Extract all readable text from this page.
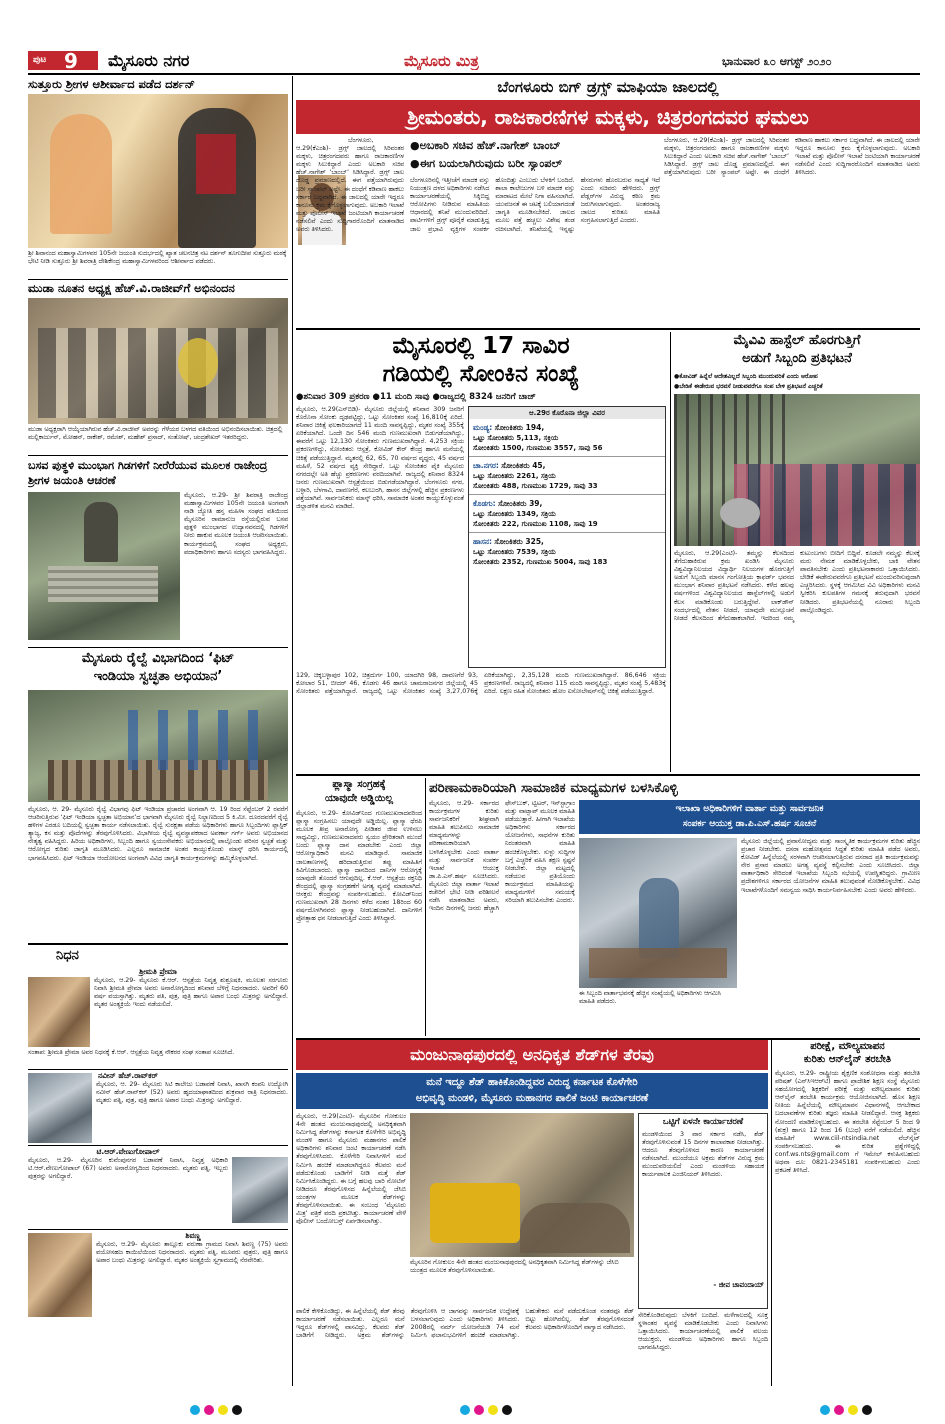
ಪುಟ 9 ಮೈಸೂರು ನಗರ	ಮೈಸೂರು ಮಿತ್ರ	ಭಾನುವಾರ ೩೦ ಆಗಸ್ಟ್ ೨೦೨೦
ಸುತ್ತೂರು ಶ್ರೀಗಳ ಆಶೀರ್ವಾದ ಪಡೆದ ದರ್ಶನ್
ಶ್ರೀ ಶಿವಾನಂದ ಮಹಾಸ್ವಾಮಿಗಳವರ 105ನೇ ಜಯಂತಿ ಸುದರ್ಭದಲ್ಲಿ ಖ್ಯಾತ ಚಲನಚಿತ್ರ ನಟ ದರ್ಶನ್ ತೂಗುದೀಪ ಸುತ್ತೂರು ಮಠಕ್ಕೆ ಭೇಟಿ ನೀಡಿ ಸುತ್ತೂರು ಶ್ರೀ ಶಿವರಾತ್ರಿ ದೇಶಿಕೇಂದ್ರ ಮಹಾಸ್ವಾಮಿಗಳವರಿಂದ ಆಶೀರ್ವಾದ ಪಡೆದರು.
ಮುಡಾ ನೂತನ ಅಧ್ಯಕ್ಷ ಹೆಚ್.ವಿ.ರಾಜೀವ್‌ಗೆ ಅಭಿನಂದನ
ಮುಡಾ ಅಧ್ಯಕ್ಷರಾಗಿ ಆಯ್ಕೆಯಾಗಿರುವ ಹೆಚ್.ವಿ.ರಾಜೀವ್ ಅವರನ್ನು ಗೆಳೆಯರ ಬಳಗದ ವತಿಯಿಂದ ಅಭಿನಂದಿಸಲಾಯಿತು. ಚಿತ್ರದಲ್ಲಿ ಮಲ್ಲಿಕಾರ್ಜುನ್, ಮೋಹನ್, ರಾಕೇಶ್, ರಮೇಶ್, ಮಹೇಶ್ ಪ್ರಸಾದ್, ಸಂತೋಷ್, ಚಂದ್ರಶೇಖರ್ ಇತರರಿದ್ದರು.
ಬಸವ ಪುತ್ಥಳಿ ಮುಂಭಾಗ ಗಿಡಗಳಿಗೆ ನೀರೆರೆಯುವ ಮೂಲಕ ರಾಜೇಂದ್ರ ಶ್ರೀಗಳ ಜಯಂತಿ ಆಚರಣೆ
ಮೈಸೂರು, ಆ.29- ಶ್ರೀ ಶಿವರಾತ್ರಿ ರಾಜೇಂದ್ರ ಮಹಾಸ್ವಾಮಿಗಳವರ 105ನೇ ಜಯಂತಿ ಅಂಗವಾಗಿ ನಾಡಿ ಜ್ಯೋತಿ ಹಸ್ತ ಮಹಿಳಾ ಸಂಘದ ವತಿಯಿಂದ ಮೈಸೂರಿನ ರಾಮಾನುಜ ರಸ್ತೆಯಲ್ಲಿರುವ ಬಸವ ಪುತ್ಥಳಿ ಮುಂಭಾಗದ ಉದ್ಯಾನವನದಲ್ಲಿ ಗಿಡಗಳಿಗೆ ನೀರು ಹಾಕುವ ಮೂಲಕ ಜಯಂತಿ ಆಚರಿಸಲಾಯಿತು. ಕಾರ್ಯಕ್ರಮದಲ್ಲಿ ಸಂಘದ ಅಧ್ಯಕ್ಷರು, ಪದಾಧಿಕಾರಿಗಳು ಹಾಗೂ ಸದಸ್ಯರು ಭಾಗವಹಿಸಿದ್ದರು.
ಮೈಸೂರು ರೈಲ್ವೆ ವಿಭಾಗದಿಂದ ‘ಫಿಟ್
ಇಂಡಿಯಾ ಸ್ವಚ್ಛತಾ ಅಭಿಯಾನ’
ಮೈಸೂರು, ಆ. 29- ಮೈಸೂರು ರೈಲ್ವೆ ವಿಭಾಗವು ಫಿಟ್ ಇಂಡಿಯಾ ಪ್ರಚಾರದ ಅಂಗವಾಗಿ ಆ. 19 ರಿಂದ ಸೆಪ್ಟೆಂಬರ್ 2 ರವರೆಗೆ ಆಚರಿಸುತ್ತಿರುವ ‘ಫಿಟ್ ಇಂಡಿಯಾ ಸ್ವಚ್ಛತಾ ಅಭಿಯಾನ’ದ ಭಾಗವಾಗಿ ಮೈಸೂರು ರೈಲ್ವೆ ನಿಲ್ದಾಣದಿಂದ 5 ಕಿ.ಮೀ. ದೂರದವರೆಗೆ ರೈಲ್ವೆ ಹಳಿಗಳ ಎರಡೂ ಬದಿಯಲ್ಲಿ ಸ್ವಚ್ಛತಾ ಕಾರ್ಯ ನಡೆಸಲಾಯಿತು. ರೈಲ್ವೆ ಸುರಕ್ಷತಾ ಪಡೆಯ ಅಧಿಕಾರಿಗಳು ಹಾಗೂ ಸಿಬ್ಬಂದಿಗಳು ಪ್ಲಾಸ್ಟಿಕ್ ತ್ಯಾಜ್ಯ, ಕಸ ಮತ್ತು ಪೊದೆಗಳನ್ನು ತೆರವುಗೊಳಿಸಿದರು. ವಿಭಾಗೀಯ ರೈಲ್ವೆ ವ್ಯವಸ್ಥಾಪಕರಾದ ಅಪರ್ಣಾ ಗರ್ಗ್ ಅವರು ಅಭಿಯಾನದ ನೇತೃತ್ವ ವಹಿಸಿದ್ದರು. ಹಿರಿಯ ಅಧಿಕಾರಿಗಳು, ಸಿಬ್ಬಂದಿ ಹಾಗೂ ಸ್ವಯಂಸೇವಕರು ಅಭಿಯಾನದಲ್ಲಿ ಪಾಲ್ಗೊಂಡು ಪರಿಸರ ಸ್ವಚ್ಛತೆ ಮತ್ತು ಆರೋಗ್ಯದ ಕುರಿತು ಜಾಗೃತಿ ಮೂಡಿಸಿದರು. ಎಲ್ಲರೂ ಸಾಮಾಜಿಕ ಅಂತರ ಕಾಯ್ದುಕೊಂಡು ಮಾಸ್ಕ್ ಧರಿಸಿ ಕಾರ್ಯದಲ್ಲಿ ಭಾಗವಹಿಸಿದರು. ಫಿಟ್ ಇಂಡಿಯಾ ಆಂದೋಲನದ ಅಂಗವಾಗಿ ವಿವಿಧ ಜಾಗೃತಿ ಕಾರ್ಯಕ್ರಮಗಳನ್ನು ಹಮ್ಮಿಕೊಳ್ಳಲಾಗಿದೆ.
ನಿಧನ
ಶ್ರೀಮತಿ ಪ್ರೇಮಾ
ಮೈಸೂರು, ಆ.29- ಮೈಸೂರು ಕೆ.ಆರ್. ಆಸ್ಪತ್ರೆಯ ನಿವೃತ್ತ ಶುಶ್ರೂಷಕಿ, ಮೂಲತಃ ಸರಗೂರು ನಿವಾಸಿ ಶ್ರೀಮತಿ ಪ್ರೇಮಾ ಅವರು ಅನಾರೋಗ್ಯದಿಂದ ಶನಿವಾರ ಬೆಳಿಗ್ಗೆ ನಿಧನರಾದರು. ಅವರಿಗೆ 60 ವರ್ಷ ವಯಸ್ಸಾಗಿತ್ತು. ಮೃತರು ಪತಿ, ಪುತ್ರ, ಪುತ್ರಿ ಹಾಗೂ ಅಪಾರ ಬಂಧು ಮಿತ್ರರನ್ನು ಅಗಲಿದ್ದಾರೆ. ಮೃತರ ಅಂತ್ಯಕ್ರಿಯೆ ಇಂದು ನಡೆಯಲಿದೆ.
ಸಂತಾಪ: ಶ್ರೀಮತಿ ಪ್ರೇಮಾ ಅವರ ನಿಧನಕ್ಕೆ ಕೆ.ಆರ್. ಆಸ್ಪತ್ರೆಯ ನಿವೃತ್ತ ನೌಕರರ ಸಂಘ ಸಂತಾಪ ಸೂಚಿಸಿದೆ.
ನವೀನ್ ಹೆಚ್.ರಾವ್‌ಕರ್
ಮೈಸೂರು, ಆ. 29- ಮೈಸೂರು ಸಿಟಿ ಕಾಲೇಜು ಬಡಾವಣೆ ನಿವಾಸಿ, ಖಾಸಗಿ ಕಂಪನಿ ಉದ್ಯೋಗಿ ನವೀನ್ ಹೆಚ್.ರಾವ್‌ಕರ್ (52) ಅವರು ಹೃದಯಾಘಾತದಿಂದ ಶುಕ್ರವಾರ ರಾತ್ರಿ ನಿಧನರಾದರು. ಮೃತರು ಪತ್ನಿ, ಪುತ್ರ, ಪುತ್ರಿ ಹಾಗೂ ಅಪಾರ ಬಂಧು ಮಿತ್ರರನ್ನು ಅಗಲಿದ್ದಾರೆ.
ಟಿ.ಆರ್.ವೇಣುಗೋಪಾಲ್
ಮೈಸೂರು, ಆ.29- ಮೈಸೂರಿನ ಕುವೆಂಪುನಗರ ಬಡಾವಣೆ ನಿವಾಸಿ, ನಿವೃತ್ತ ಅಧಿಕಾರಿ ಟಿ.ಆರ್.ವೇಣುಗೋಪಾಲ್ (67) ಅವರು ಅನಾರೋಗ್ಯದಿಂದ ನಿಧನರಾದರು. ಮೃತರು ಪತ್ನಿ, ಇಬ್ಬರು ಪುತ್ರರನ್ನು ಅಗಲಿದ್ದಾರೆ.
ಶಿವಣ್ಣ
ಮೈಸೂರು, ಆ.29- ಮೈಸೂರು ತಾಲ್ಲೂಕು ವರುಣಾ ಗ್ರಾಮದ ನಿವಾಸಿ ಶಿವಣ್ಣ (75) ಅವರು ವಯೋಸಹಜ ಕಾಯಿಲೆಯಿಂದ ನಿಧನರಾದರು. ಮೃತರು ಪತ್ನಿ, ಮೂವರು ಪುತ್ರರು, ಪುತ್ರಿ ಹಾಗೂ ಅಪಾರ ಬಂಧು ಮಿತ್ರರನ್ನು ಅಗಲಿದ್ದಾರೆ. ಮೃತರ ಅಂತ್ಯಕ್ರಿಯೆ ಸ್ವಗ್ರಾಮದಲ್ಲಿ ನೆರವೇರಿತು.
ಬೆಂಗಳೂರು ಬಿಗ್ ಡ್ರಗ್ಸ್ ಮಾಫಿಯಾ ಜಾಲದಲ್ಲಿ
ಶ್ರೀಮಂತರು, ರಾಜಕಾರಣಿಗಳ ಮಕ್ಕಳು, ಚಿತ್ರರಂಗದವರ ಘಮಲು
ಬೆಂಗಳೂರು, ಆ.29(ಕೆಎಂಶಿ)- ಡ್ರಗ್ಸ್ ಜಾಲದಲ್ಲಿ ಸಿರಿವಂತರ ಮಕ್ಕಳು, ಚಿತ್ರರಂಗದವರು ಹಾಗೂ ರಾಜಕಾರಣಿಗಳ ಮಕ್ಕಳು ಸಿಲುಕಿದ್ದಾರೆ ಎಂದು ಅಬಕಾರಿ ಸಚಿವ ಹೆಚ್.ನಾಗೇಶ್ ‘ಬಾಂಬ್’ ಸಿಡಿಸಿದ್ದಾರೆ. ಡ್ರಗ್ಸ್ ಜಾಲ ದೊಡ್ಡ ಪ್ರಮಾಣದಲ್ಲಿದೆ. ಈಗ ಪತ್ತೆಯಾಗಿರುವುದು ಬರೀ ಸ್ಯಾಂಪಲ್ ಅಷ್ಟೇ. ಈ ದಂಧೆಗೆ ಕಡಿವಾಣ ಹಾಕಲು ಸರ್ಕಾರ ಬದ್ಧವಾಗಿದೆ. ಈ ಜಾಲದಲ್ಲಿ ಯಾರೇ ಇದ್ದರೂ ಕಾನೂನು ಕ್ರಮ ಕೈಗೊಳ್ಳಲಾಗುವುದು. ಅಬಕಾರಿ ಇಲಾಖೆ ಮತ್ತು ಪೊಲೀಸ್ ಇಲಾಖೆ ಜಂಟಿಯಾಗಿ ಕಾರ್ಯಾಚರಣೆ ನಡೆಸಲಿವೆ ಎಂದು ಸುದ್ದಿಗಾರರೊಂದಿಗೆ ಮಾತನಾಡಿದ ಅವರು ತಿಳಿಸಿದರು.
●ಅಬಕಾರಿ ಸಚಿವ ಹೆಚ್.ನಾಗೇಶ್ ಬಾಂಬ್
●ಈಗ ಬಯಲಾಗಿರುವುದು ಬರೀ ಸ್ಯಾಂಪಲ್
ಬೆಂಗಳೂರಿನಲ್ಲಿ ಇತ್ತೀಚೆಗೆ ಮಾದಕ ವಸ್ತು ನಿಯಂತ್ರಣ ದಳದ ಅಧಿಕಾರಿಗಳು ನಡೆಸಿದ ಕಾರ್ಯಾಚರಣೆಯಲ್ಲಿ ಸಿಕ್ಕಿಬಿದ್ದ ಆರೋಪಿಗಳು ನೀಡಿರುವ ಮಾಹಿತಿಯ ಆಧಾರದಲ್ಲಿ ತನಿಖೆ ಮುಂದುವರಿದಿದೆ. ಪಾರ್ಟಿಗಳಿಗೆ ಡ್ರಗ್ಸ್ ಪೂರೈಕೆ ಮಾಡುತ್ತಿದ್ದ ಜಾಲ ಪ್ರಭಾವಿ ವ್ಯಕ್ತಿಗಳ ಸಂಪರ್ಕ ಹೊಂದಿತ್ತು ಎಂಬುದು ಬೆಳಕಿಗೆ ಬಂದಿದೆ. ಶಾಲಾ ಕಾಲೇಜುಗಳ ಬಳಿ ಮಾದಕ ವಸ್ತು ಮಾರಾಟದ ಮೇಲೆ ನಿಗಾ ವಹಿಸಲಾಗಿದೆ. ಯುವಜನತೆ ಈ ಚಟಕ್ಕೆ ಬಲಿಯಾಗದಂತೆ ಜಾಗೃತಿ ಮೂಡಿಸಬೇಕಿದೆ. ಜಾಲದ ಮೂಲ ಪತ್ತೆ ಹಚ್ಚಲು ವಿಶೇಷ ತಂಡ ರಚಿಸಲಾಗಿದೆ. ತನಿಖೆಯಲ್ಲಿ ಇನ್ನಷ್ಟು ಹೆಸರುಗಳು ಹೊರಬರುವ ಸಾಧ್ಯತೆ ಇದೆ ಎಂದು ಸಚಿವರು ಹೇಳಿದರು. ಡ್ರಗ್ಸ್ ಪೆಡ್ಲರ್‌ಗಳ ವಿರುದ್ಧ ಕಠಿಣ ಕ್ರಮ ಜರುಗಿಸಲಾಗುವುದು. ಅಂತರರಾಜ್ಯ ಜಾಲದ ಕುರಿತೂ ಮಾಹಿತಿ ಸಂಗ್ರಹಿಸಲಾಗುತ್ತಿದೆ ಎಂದರು.
ಬೆಂಗಳೂರು, ಆ.29(ಕೆಎಂಶಿ)- ಡ್ರಗ್ಸ್ ಜಾಲದಲ್ಲಿ ಸಿರಿವಂತರ ಮಕ್ಕಳು, ಚಿತ್ರರಂಗದವರು ಹಾಗೂ ರಾಜಕಾರಣಿಗಳ ಮಕ್ಕಳು ಸಿಲುಕಿದ್ದಾರೆ ಎಂದು ಅಬಕಾರಿ ಸಚಿವ ಹೆಚ್.ನಾಗೇಶ್ ‘ಬಾಂಬ್’ ಸಿಡಿಸಿದ್ದಾರೆ. ಡ್ರಗ್ಸ್ ಜಾಲ ದೊಡ್ಡ ಪ್ರಮಾಣದಲ್ಲಿದೆ. ಈಗ ಪತ್ತೆಯಾಗಿರುವುದು ಬರೀ ಸ್ಯಾಂಪಲ್ ಅಷ್ಟೇ. ಈ ದಂಧೆಗೆ ಕಡಿವಾಣ ಹಾಕಲು ಸರ್ಕಾರ ಬದ್ಧವಾಗಿದೆ. ಈ ಜಾಲದಲ್ಲಿ ಯಾರೇ ಇದ್ದರೂ ಕಾನೂನು ಕ್ರಮ ಕೈಗೊಳ್ಳಲಾಗುವುದು. ಅಬಕಾರಿ ಇಲಾಖೆ ಮತ್ತು ಪೊಲೀಸ್ ಇಲಾಖೆ ಜಂಟಿಯಾಗಿ ಕಾರ್ಯಾಚರಣೆ ನಡೆಸಲಿವೆ ಎಂದು ಸುದ್ದಿಗಾರರೊಂದಿಗೆ ಮಾತನಾಡಿದ ಅವರು ತಿಳಿಸಿದರು.
ಮೈಸೂರಲ್ಲಿ 17 ಸಾವಿರ
ಗಡಿಯಲ್ಲಿ ಸೋಂಕಿನ ಸಂಖ್ಯೆ
●ಶನಿವಾರ 309 ಪ್ರಕರಣ ●11 ಮಂದಿ ಸಾವು ●ರಾಜ್ಯದಲ್ಲಿ 8324 ಜನರಿಗೆ ಚಾಜ್
ಮೈಸೂರು, ಆ.29(ಎಸ್‌ಬಿಡಿ)- ಮೈಸೂರು ಜಿಲ್ಲೆಯಲ್ಲಿ ಶನಿವಾರ 309 ಜನರಿಗೆ ಕೊರೊನಾ ಸೋಂಕು ದೃಢಪಟ್ಟಿದ್ದು, ಒಟ್ಟು ಸೋಂಕಿತರ ಸಂಖ್ಯೆ 16,810ಕ್ಕೆ ಏರಿದೆ. ಶನಿವಾರ ಚಿಕಿತ್ಸೆ ಫಲಕಾರಿಯಾಗದೆ 11 ಮಂದಿ ಸಾವನ್ನಪ್ಪಿದ್ದು, ಮೃತರ ಸಂಖ್ಯೆ 355ಕ್ಕೆ ಏರಿಕೆಯಾಗಿದೆ. ಒಂದೇ ದಿನ 546 ಮಂದಿ ಗುಣಮುಖರಾಗಿ ಬಿಡುಗಡೆಯಾಗಿದ್ದು, ಈವರೆಗೆ ಒಟ್ಟು 12,130 ಸೋಂಕಿತರು ಗುಣಮುಖರಾಗಿದ್ದಾರೆ. 4,253 ಸಕ್ರಿಯ ಪ್ರಕರಣಗಳಿದ್ದು, ಸೋಂಕಿತರು ಆಸ್ಪತ್ರೆ, ಕೋವಿಡ್ ಕೇರ್ ಕೇಂದ್ರ ಹಾಗೂ ಮನೆಯಲ್ಲಿ ಚಿಕಿತ್ಸೆ ಪಡೆಯುತ್ತಿದ್ದಾರೆ. ಮೃತರಲ್ಲಿ 62, 65, 70 ವರ್ಷದ ವೃದ್ಧರು, 45 ವರ್ಷದ ಮಹಿಳೆ, 52 ವರ್ಷದ ವ್ಯಕ್ತಿ ಸೇರಿದ್ದಾರೆ. ಒಟ್ಟು ಸೋಂಕಿತರ ಪೈಕಿ ಮೈಸೂರು ನಗರದಲ್ಲೇ ಅತಿ ಹೆಚ್ಚು ಪ್ರಕರಣಗಳು ವರದಿಯಾಗಿವೆ. ರಾಜ್ಯದಲ್ಲಿ ಶನಿವಾರ 8324 ಜನರು ಗುಣಮುಖರಾಗಿ ಆಸ್ಪತ್ರೆಯಿಂದ ಬಿಡುಗಡೆಯಾಗಿದ್ದಾರೆ. ಬೆಂಗಳೂರು ನಗರ, ಬಳ್ಳಾರಿ, ಬೆಳಗಾವಿ, ದಾವಣಗೆರೆ, ಕಲಬುರಗಿ, ಹಾಸನ ಜಿಲ್ಲೆಗಳಲ್ಲಿ ಹೆಚ್ಚಿನ ಪ್ರಕರಣಗಳು ಪತ್ತೆಯಾಗಿವೆ. ಸಾರ್ವಜನಿಕರು ಮಾಸ್ಕ್ ಧರಿಸಿ, ಸಾಮಾಜಿಕ ಅಂತರ ಕಾಯ್ದುಕೊಳ್ಳುವಂತೆ ಜಿಲ್ಲಾಡಳಿತ ಮನವಿ ಮಾಡಿದೆ.
ಆ.29ರ ಕೊರೊನಾ ಜಿಲ್ಲಾ ವಿವರ
ಮಂಡ್ಯ: ಸೋಂಕಿತರು 194,
ಒಟ್ಟು ಸೋಂಕಿತರು 5,113, ಸಕ್ರಿಯ
ಸೋಂಕಿತರು 1500, ಗುಣಮುಖ 3557, ಸಾವು 56
ಚಾ.ನಗರ: ಸೋಂಕಿತರು 45,
ಒಟ್ಟು ಸೋಂಕಿತರು 2261, ಸಕ್ರಿಯ
ಸೋಂಕಿತರು 488, ಗುಣಮುಖ 1729, ಸಾವು 33
ಕೊಡಗು: ಸೋಂಕಿತರು 39,
ಒಟ್ಟು ಸೋಂಕಿತರು 1349, ಸಕ್ರಿಯ
ಸೋಂಕಿತರು 222, ಗುಣಮುಖ 1108, ಸಾವು 19
ಹಾಸನ: ಸೋಂಕಿತರು 325,
ಒಟ್ಟು ಸೋಂಕಿತರು 7539, ಸಕ್ರಿಯ
ಸೋಂಕಿತರು 2352, ಗುಣಮುಖ 5004, ಸಾವು 183
129, ಚಿಕ್ಕಬಳ್ಳಾಪುರ 102, ಚಿತ್ರದುರ್ಗ 100, ಯಾದಗಿರಿ 98, ದಾವಣಗೆರೆ 93, ಕೋಲಾರ 51, ಬೀದರ್ 46, ಕೊಡಗು 46 ಹಾಗೂ ಚಾಮರಾಜನಗರ ಜಿಲ್ಲೆಯಲ್ಲಿ 45 ಸೋಂಕಿತರು ಪತ್ತೆಯಾಗಿದ್ದಾರೆ. ರಾಜ್ಯದಲ್ಲಿ ಒಟ್ಟು ಸೋಂಕಿತರ ಸಂಖ್ಯೆ 3,27,076ಕ್ಕೆ ಏರಿಕೆಯಾಗಿದ್ದು, 2,35,128 ಮಂದಿ ಗುಣಮುಖರಾಗಿದ್ದಾರೆ. 86,646 ಸಕ್ರಿಯ ಪ್ರಕರಣಗಳಿವೆ. ರಾಜ್ಯದಲ್ಲಿ ಶನಿವಾರ 115 ಮಂದಿ ಸಾವನ್ನಪ್ಪಿದ್ದು, ಮೃತರ ಸಂಖ್ಯೆ 5,483ಕ್ಕೆ ಏರಿದೆ. ಲಕ್ಷಣ ರಹಿತ ಸೋಂಕಿತರು ಹೋಂ ಐಸೋಲೇಷನ್‌ನಲ್ಲಿ ಚಿಕಿತ್ಸೆ ಪಡೆಯುತ್ತಿದ್ದಾರೆ.
ಮೈವಿವಿ ಹಾಸ್ಟೆಲ್ ಹೊರಗುತ್ತಿಗೆ
ಅಡುಗೆ ಸಿಬ್ಬಂದಿ ಪ್ರತಿಭಟನೆ
●ಕೋವಿಡ್ ಹಿನ್ನೆಲೆ ಆದೇಶವಿಲ್ಲದೆ ಸಿಬ್ಬಂದಿ ಮುಂದುವರಿಕೆ ಎಂದು ಆರೋಪ
●ಬೇಡಿಕೆ ಈಡೇರುವ ಭರವಸೆ ನೀಡುವವರೆಗೂ ಸಂಪ ಬೇಳಿ ಪ್ರತಿಭಟನೆ ಎಚ್ಚರಿಕೆ
ಮೈಸೂರು, ಆ.29(ಎಂಟಿ)- ತಮ್ಮನ್ನು ಕೆಲಸದಿಂದ ತೆಗೆದುಹಾಕಿರುವ ಕ್ರಮ ಖಂಡಿಸಿ ಮೈಸೂರು ವಿಶ್ವವಿದ್ಯಾನಿಲಯದ ವಿದ್ಯಾರ್ಥಿ ನಿಲಯಗಳ ಹೊರಗುತ್ತಿಗೆ ಅಡುಗೆ ಸಿಬ್ಬಂದಿ ಮಾನಸ ಗಂಗೋತ್ರಿಯ ಕ್ರಾಫರ್ಡ್ ಭವನದ ಮುಂಭಾಗ ಶನಿವಾರ ಪ್ರತಿಭಟನೆ ನಡೆಸಿದರು. ಕಳೆದ ಹಲವು ವರ್ಷಗಳಿಂದ ವಿಶ್ವವಿದ್ಯಾನಿಲಯದ ಹಾಸ್ಟೆಲ್‌ಗಳಲ್ಲಿ ಅಡುಗೆ ಕೆಲಸ ಮಾಡಿಕೊಂಡು ಬರುತ್ತಿದ್ದೇವೆ. ಲಾಕ್‌ಡೌನ್ ಸಂದರ್ಭದಲ್ಲಿ ವೇತನ ನೀಡದೆ, ಯಾವುದೇ ಮುನ್ಸೂಚನೆ ನೀಡದೆ ಕೆಲಸದಿಂದ ತೆಗೆದುಹಾಕಲಾಗಿದೆ. ಇದರಿಂದ ನಮ್ಮ ಕುಟುಂಬಗಳು ಬೀದಿಗೆ ಬಿದ್ದಿವೆ. ಕೂಡಲೇ ನಮ್ಮನ್ನು ಕೆಲಸಕ್ಕೆ ಮರು ನೇಮಕ ಮಾಡಿಕೊಳ್ಳಬೇಕು, ಬಾಕಿ ವೇತನ ಪಾವತಿಸಬೇಕು ಎಂದು ಪ್ರತಿಭಟನಾಕಾರರು ಒತ್ತಾಯಿಸಿದರು. ಬೇಡಿಕೆ ಈಡೇರುವವರೆಗೂ ಪ್ರತಿಭಟನೆ ಮುಂದುವರಿಸುವುದಾಗಿ ಎಚ್ಚರಿಸಿದರು. ಸ್ಥಳಕ್ಕೆ ಆಗಮಿಸಿದ ವಿವಿ ಅಧಿಕಾರಿಗಳು ಮನವಿ ಸ್ವೀಕರಿಸಿ ಕುಲಪತಿಗಳ ಗಮನಕ್ಕೆ ತರುವುದಾಗಿ ಭರವಸೆ ನೀಡಿದರು. ಪ್ರತಿಭಟನೆಯಲ್ಲಿ ನೂರಾರು ಸಿಬ್ಬಂದಿ ಪಾಲ್ಗೊಂಡಿದ್ದರು.
ಪ್ಲಾಸ್ಮಾ ಸಂಗ್ರಹಕ್ಕೆ
ಯಾವುದೇ ಅಡ್ಡಿಯಿಲ್ಲ
ಮೈಸೂರು, ಆ.29- ಕೋವಿಡ್‌ನಿಂದ ಗುಣಮುಖರಾದವರಿಂದ ಪ್ಲಾಸ್ಮಾ ಸಂಗ್ರಹಿಸಲು ಯಾವುದೇ ಅಡ್ಡಿಯಿಲ್ಲ. ಪ್ಲಾಸ್ಮಾ ಥೆರಪಿ ಮೂಲಕ ತೀವ್ರ ಅನಾರೋಗ್ಯ ಪೀಡಿತರ ಜೀವ ಉಳಿಸಲು ಸಾಧ್ಯವಿದ್ದು, ಗುಣಮುಖರಾದವರು ಸ್ವಯಂ ಪ್ರೇರಿತರಾಗಿ ಮುಂದೆ ಬಂದು ಪ್ಲಾಸ್ಮಾ ದಾನ ಮಾಡಬೇಕು ಎಂದು ಜಿಲ್ಲಾ ಆರೋಗ್ಯಾಧಿಕಾರಿ ಮನವಿ ಮಾಡಿದ್ದಾರೆ. ಸಾಮಾಜಿಕ ಜಾಲತಾಣಗಳಲ್ಲಿ ಹರಿದಾಡುತ್ತಿರುವ ತಪ್ಪು ಮಾಹಿತಿಗೆ ಕಿವಿಗೊಡಬಾರದು. ಪ್ಲಾಸ್ಮಾ ದಾನದಿಂದ ದಾನಿಗಳ ಆರೋಗ್ಯಕ್ಕೆ ಯಾವುದೇ ತೊಂದರೆ ಆಗುವುದಿಲ್ಲ. ಕೆ.ಆರ್. ಆಸ್ಪತ್ರೆಯ ರಕ್ತನಿಧಿ ಕೇಂದ್ರದಲ್ಲಿ ಪ್ಲಾಸ್ಮಾ ಸಂಗ್ರಹಣೆಗೆ ಅಗತ್ಯ ವ್ಯವಸ್ಥೆ ಮಾಡಲಾಗಿದೆ. ಆಸಕ್ತರು ಕೇಂದ್ರವನ್ನು ಸಂಪರ್ಕಿಸಬಹುದು. ಕೋವಿಡ್‌ನಿಂದ ಗುಣಮುಖರಾಗಿ 28 ದಿನಗಳು ಕಳೆದ ನಂತರ 18ರಿಂದ 60 ವರ್ಷದೊಳಗಿನವರು ಪ್ಲಾಸ್ಮಾ ನೀಡಬಹುದಾಗಿದೆ. ದಾನಿಗಳಿಗೆ ಪ್ರೋತ್ಸಾಹ ಧನ ನೀಡಲಾಗುತ್ತಿದೆ ಎಂದು ತಿಳಿಸಿದ್ದಾರೆ.
ಪರಿಣಾಮಕಾರಿಯಾಗಿ ಸಾಮಾಜಿಕ ಮಾಧ್ಯಮಗಳ ಬಳಸಿಕೊಳ್ಳಿ
ಮೈಸೂರು, ಆ.29- ಸರ್ಕಾರದ ಕಾರ್ಯಕ್ರಮಗಳ ಕುರಿತು ಸಾರ್ವಜನಿಕರಿಗೆ ಶೀಘ್ರವಾಗಿ ಮಾಹಿತಿ ತಲುಪಿಸಲು ಸಾಮಾಜಿಕ ಮಾಧ್ಯಮಗಳನ್ನು ಪರಿಣಾಮಕಾರಿಯಾಗಿ ಬಳಸಿಕೊಳ್ಳಬೇಕು ಎಂದು ವಾರ್ತಾ ಮತ್ತು ಸಾರ್ವಜನಿಕ ಸಂಪರ್ಕ ಇಲಾಖೆ ಆಯುಕ್ತ ಡಾ.ಪಿ.ಎಸ್.ಹರ್ಷ ಸೂಚಿಸಿದರು. ಮೈಸೂರು ಜಿಲ್ಲಾ ವಾರ್ತಾ ಇಲಾಖೆ ಕಚೇರಿಗೆ ಭೇಟಿ ನೀಡಿ ಪರಿಶೀಲನೆ ನಡೆಸಿ ಮಾತನಾಡಿದ ಅವರು, ಇಂದಿನ ದಿನಗಳಲ್ಲಿ ಜನರು ಹೆಚ್ಚಾಗಿ ಫೇಸ್‌ಬುಕ್, ಟ್ವಿಟರ್, ಇನ್‌ಸ್ಟಾಗ್ರಾಂ ಮತ್ತು ವಾಟ್ಸಾಪ್ ಮೂಲಕ ಮಾಹಿತಿ ಪಡೆಯುತ್ತಾರೆ. ಹೀಗಾಗಿ ಇಲಾಖೆಯ ಅಧಿಕಾರಿಗಳು ಸರ್ಕಾರದ ಯೋಜನೆಗಳು, ಸಾಧನೆಗಳ ಕುರಿತು ನಿರಂತರವಾಗಿ ಮಾಹಿತಿ ಹಂಚಿಕೊಳ್ಳಬೇಕು. ಸುಳ್ಳು ಸುದ್ದಿಗಳ ಬಗ್ಗೆ ಎಚ್ಚರಿಕೆ ವಹಿಸಿ ತಕ್ಷಣ ಸ್ಪಷ್ಟನೆ ನೀಡಬೇಕು. ಜಿಲ್ಲಾ ಮಟ್ಟದಲ್ಲಿ ನಡೆಯುವ ಪ್ರತಿಯೊಂದು ಕಾರ್ಯಕ್ರಮದ ಮಾಹಿತಿಯನ್ನು ಮಾಧ್ಯಮಗಳಿಗೆ ಸಮಯಕ್ಕೆ ಸರಿಯಾಗಿ ತಲುಪಿಸಬೇಕು ಎಂದರು.
ಇಲಾಖಾ ಅಧಿಕಾರಿಗಳಿಗೆ ವಾರ್ತಾ ಮತ್ತು ಸಾರ್ವಜನಿಕ
ಸಂಪರ್ಕ ಆಯುಕ್ತ ಡಾ.ಪಿ.ಎಸ್.ಹರ್ಷ ಸೂಚನೆ
ಈ ಸಿಬ್ಬಂದಿ ವಾರ್ತಾಭವನಕ್ಕೆ ಹೆಚ್ಚಿನ ಸಂಖ್ಯೆಯಲ್ಲಿ ಅಧಿಕಾರಿಗಳು ಆಗಮಿಸಿ ಮಾಹಿತಿ ಪಡೆದರು.
ಮೈಸೂರು ಜಿಲ್ಲೆಯಲ್ಲಿ ಪ್ರವಾಸೋದ್ಯಮ ಮತ್ತು ಸಾಂಸ್ಕೃತಿಕ ಕಾರ್ಯಕ್ರಮಗಳ ಕುರಿತು ಹೆಚ್ಚಿನ ಪ್ರಚಾರ ನೀಡಬೇಕು. ದಸರಾ ಮಹೋತ್ಸವದ ಸಿದ್ಧತೆ ಕುರಿತು ಮಾಹಿತಿ ಪಡೆದ ಅವರು, ಕೋವಿಡ್ ಹಿನ್ನೆಲೆಯಲ್ಲಿ ಸರಳವಾಗಿ ಆಚರಿಸಲಾಗುತ್ತಿರುವ ದಸರಾದ ಪ್ರತಿ ಕಾರ್ಯಕ್ರಮವನ್ನು ನೇರ ಪ್ರಸಾರ ಮಾಡಲು ಅಗತ್ಯ ವ್ಯವಸ್ಥೆ ಕಲ್ಪಿಸಬೇಕು ಎಂದು ಸೂಚಿಸಿದರು. ಜಿಲ್ಲಾ ವಾರ್ತಾಧಿಕಾರಿ ಸೇರಿದಂತೆ ಇಲಾಖೆಯ ಸಿಬ್ಬಂದಿ ಸಭೆಯಲ್ಲಿ ಉಪಸ್ಥಿತರಿದ್ದರು. ಗ್ರಾಮೀಣ ಪ್ರದೇಶಗಳಿಗೂ ಸರ್ಕಾರದ ಯೋಜನೆಗಳ ಮಾಹಿತಿ ತಲುಪುವಂತೆ ನೋಡಿಕೊಳ್ಳಬೇಕು. ವಿವಿಧ ಇಲಾಖೆಗಳೊಂದಿಗೆ ಸಮನ್ವಯ ಸಾಧಿಸಿ ಕಾರ್ಯನಿರ್ವಹಿಸಬೇಕು ಎಂದು ಅವರು ಹೇಳಿದರು.
ಮಂಜುನಾಥಪುರದಲ್ಲಿ ಅನಧಿಕೃತ ಶೆಡ್‌ಗಳ ತೆರವು
ಮನೆ ಇದ್ದೂ ಶೆಡ್ ಹಾಕಿಕೊಂಡಿದ್ದವರ ವಿರುದ್ಧ ಕರ್ನಾಟಕ ಕೊಳೆಗೇರಿ
ಅಭಿವೃದ್ಧಿ ಮಂಡಳಿ, ಮೈಸೂರು ಮಹಾನಗರ ಪಾಲಿಕೆ ಜಂಟಿ ಕಾರ್ಯಾಚರಣೆ
ಮೈಸೂರು, ಆ.29(ಎಂಟಿ)- ಮೈಸೂರಿನ ಗೋಕುಲಂ 4ನೇ ಹಂತದ ಮಂಜುನಾಥಪುರದಲ್ಲಿ ಅನಧಿಕೃತವಾಗಿ ನಿರ್ಮಿಸಿದ್ದ ಶೆಡ್‌ಗಳನ್ನು ಕರ್ನಾಟಕ ಕೊಳೆಗೇರಿ ಅಭಿವೃದ್ಧಿ ಮಂಡಳಿ ಹಾಗೂ ಮೈಸೂರು ಮಹಾನಗರ ಪಾಲಿಕೆ ಅಧಿಕಾರಿಗಳು ಶನಿವಾರ ಜಂಟಿ ಕಾರ್ಯಾಚರಣೆ ನಡೆಸಿ ತೆರವುಗೊಳಿಸಿದರು. ಕೊಳೆಗೇರಿ ನಿವಾಸಿಗಳಿಗೆ ಮನೆ ನಿರ್ಮಿಸಿ ಹಂಚಿಕೆ ಮಾಡಲಾಗಿದ್ದರೂ ಕೆಲವರು ಮನೆ ಪಡೆದುಕೊಂಡು ಬಾಡಿಗೆಗೆ ನೀಡಿ ಮತ್ತೆ ಶೆಡ್ ನಿರ್ಮಿಸಿಕೊಂಡಿದ್ದರು. ಈ ಬಗ್ಗೆ ಹಲವು ಬಾರಿ ನೋಟಿಸ್ ನೀಡಿದರೂ ತೆರವುಗೊಳಿಸದ ಹಿನ್ನೆಲೆಯಲ್ಲಿ ಜೆಸಿಬಿ ಯಂತ್ರಗಳ ಮೂಲಕ ಶೆಡ್‌ಗಳನ್ನು ತೆರವುಗೊಳಿಸಲಾಯಿತು. ಈ ಸಂಬಂಧ ‘ಮೈಸೂರು ಮಿತ್ರ’ ಪತ್ರಿಕೆ ವರದಿ ಪ್ರಕಟಿಸಿತ್ತು. ಕಾರ್ಯಾಚರಣೆ ವೇಳೆ ಪೊಲೀಸ್ ಬಂದೋಬಸ್ತ್ ಏರ್ಪಡಿಸಲಾಗಿತ್ತು.
ಮೈಸೂರಿನ ಗೋಕುಲಂ 4ನೇ ಹಂತದ ಮಂಜುನಾಥಪುರದಲ್ಲಿ ಅನಧಿಕೃತವಾಗಿ ನಿರ್ಮಿಸಿದ್ದ ಶೆಡ್‌ಗಳನ್ನು ಜೆಸಿಬಿ ಯಂತ್ರದ ಮೂಲಕ ತೆರವುಗೊಳಿಸಲಾಯಿತು.
ಒಟ್ಟಿಗೆ ಏಳನೇ ಕಾರ್ಯಾಚರಣೆ
ಮಂಡಳಿಯಿಂದ 3 ವಾರ ಸರ್ಕಾರ ನಡೆಸಿ, ಶೆಡ್ ತೆರವುಗೊಳಿಸುವಂತೆ 15 ದಿನಗಳ ಕಾಲಾವಕಾಶ ನೀಡಲಾಗಿತ್ತು. ಆದರೂ ತೆರವುಗೊಳಿಸದ ಕಾರಣ ಕಾರ್ಯಾಚರಣೆ ನಡೆಸಲಾಗಿದೆ. ಮುಂದೆಯೂ ಅಕ್ರಮ ಶೆಡ್‌ಗಳ ವಿರುದ್ಧ ಕ್ರಮ ಮುಂದುವರಿಯಲಿದೆ ಎಂದು ಮಂಡಳಿಯ ಸಹಾಯಕ ಕಾರ್ಯಪಾಲಕ ಎಂಜಿನಿಯರ್ ತಿಳಿಸಿದರು.
- ಜೀವ ಚಾವಂದಾಯ್
ಪಾಲಿಕೆ ಕೇಳಿಕೊಂಡಿದ್ದು, ಈ ಹಿನ್ನೆಲೆಯಲ್ಲಿ ಶೆಡ್ ತೆರವು ಕಾರ್ಯಾಚರಣೆ ನಡೆಸಲಾಯಿತು. ಎಲ್ಲರೂ ಮನೆ ಇದ್ದರೂ ಶೆಡ್‌ಗಳಲ್ಲಿ ವಾಸವಿದ್ದು, ಕೆಲವರು ಶೆಡ್ ಬಾಡಿಗೆಗೆ ನೀಡಿದ್ದರು. ಅಕ್ರಮ ಶೆಡ್‌ಗಳನ್ನು ತೆರವುಗೊಳಿಸಿ ಆ ಜಾಗವನ್ನು ಸಾರ್ವಜನಿಕ ಉದ್ದೇಶಕ್ಕೆ ಬಳಸಲಾಗುವುದು ಎಂದು ಅಧಿಕಾರಿಗಳು ತಿಳಿಸಿದರು. 2008ರಲ್ಲಿ ನರ್ಮ್ ಯೋಜನೆಯಡಿ 74 ಮನೆ ನಿರ್ಮಿಸಿ ಫಲಾನುಭವಿಗಳಿಗೆ ಹಂಚಿಕೆ ಮಾಡಲಾಗಿತ್ತು. ಬಹುತೇಕರು ಮನೆ ಪಡೆದುಕೊಂಡ ನಂತರವೂ ಶೆಡ್ ಬಿಟ್ಟು ಹೋಗಿರಲಿಲ್ಲ. ಶೆಡ್ ತೆರವುಗೊಳಿಸದಂತೆ ಕೆಲವರು ಅಧಿಕಾರಿಗಳೊಂದಿಗೆ ವಾಗ್ವಾದ ನಡೆಸಿದರು.
ಸೇರಿಕೊಂಡಿರುವುದು ಬೆಳಕಿಗೆ ಬಂದಿದೆ. ಮಳೆಗಾಲದಲ್ಲಿ ಸೂಕ್ತ ಸ್ಥಳಾಂತರ ವ್ಯವಸ್ಥೆ ಮಾಡಿಕೊಡಬೇಕು ಎಂದು ನಿವಾಸಿಗಳು ಒತ್ತಾಯಿಸಿದರು. ಕಾರ್ಯಾಚರಣೆಯಲ್ಲಿ ಪಾಲಿಕೆ ವಲಯ ಆಯುಕ್ತರು, ಮಂಡಳಿಯ ಅಧಿಕಾರಿಗಳು ಹಾಗೂ ಸಿಬ್ಬಂದಿ ಭಾಗವಹಿಸಿದ್ದರು.
ಪರೀಕ್ಷೆ, ಮೌಲ್ಯಮಾಪನ
ಕುರಿತು ಆನ್‌ಲೈನ್ ತರಬೇತಿ
ಮೈಸೂರು, ಆ.29- ರಾಷ್ಟ್ರೀಯ ಶೈಕ್ಷಣಿಕ ಸಂಶೋಧನಾ ಮತ್ತು ತರಬೇತಿ ಪರಿಷತ್ (ಎನ್‌ಸಿಇಆರ್‌ಟಿ) ಹಾಗೂ ಪ್ರಾದೇಶಿಕ ಶಿಕ್ಷಣ ಸಂಸ್ಥೆ ಮೈಸೂರು ಸಹಯೋಗದಲ್ಲಿ ಶಿಕ್ಷಕರಿಗೆ ಪರೀಕ್ಷೆ ಮತ್ತು ಮೌಲ್ಯಮಾಪನ ಕುರಿತು ಆನ್‌ಲೈನ್ ತರಬೇತಿ ಕಾರ್ಯಕ್ರಮ ಆಯೋಜಿಸಲಾಗಿದೆ. ಹೊಸ ಶಿಕ್ಷಣ ನೀತಿಯ ಹಿನ್ನೆಲೆಯಲ್ಲಿ ಮೌಲ್ಯಮಾಪನ ವಿಧಾನಗಳಲ್ಲಿ ಆಗಬೇಕಾದ ಬದಲಾವಣೆಗಳ ಕುರಿತು ತಜ್ಞರು ಮಾಹಿತಿ ನೀಡಲಿದ್ದಾರೆ. ಆಸಕ್ತ ಶಿಕ್ಷಕರು ನೋಂದಣಿ ಮಾಡಿಕೊಳ್ಳಬಹುದು. ಈ ತರಬೇತಿ ಸೆಪ್ಟೆಂಬರ್ 5 ರಿಂದ 9 (ಶುಕ್ರ) ಹಾಗೂ 12 ರಿಂದ 16 (ಬುಧ) ವರೆಗೆ ನಡೆಯಲಿದೆ. ಹೆಚ್ಚಿನ ಮಾಹಿತಿಗೆ www.ciil-ntsindia.net ವೆಬ್‌ಸೈಟ್ ಸಂಪರ್ಕಿಸಬಹುದು. ಈ ಕುರಿತ ಪ್ರಶ್ನೆಗಳಿದ್ದಲ್ಲಿ conf.ws.nts@gmail.com ಗೆ ಇಮೇಲ್ ಕಳುಹಿಸಬಹುದು ಅಥವಾ ದೂ: 0821-2345181 ಸಂಪರ್ಕಿಸಬಹುದು ಎಂದು ಪ್ರಕಟಣೆ ತಿಳಿಸಿದೆ.
